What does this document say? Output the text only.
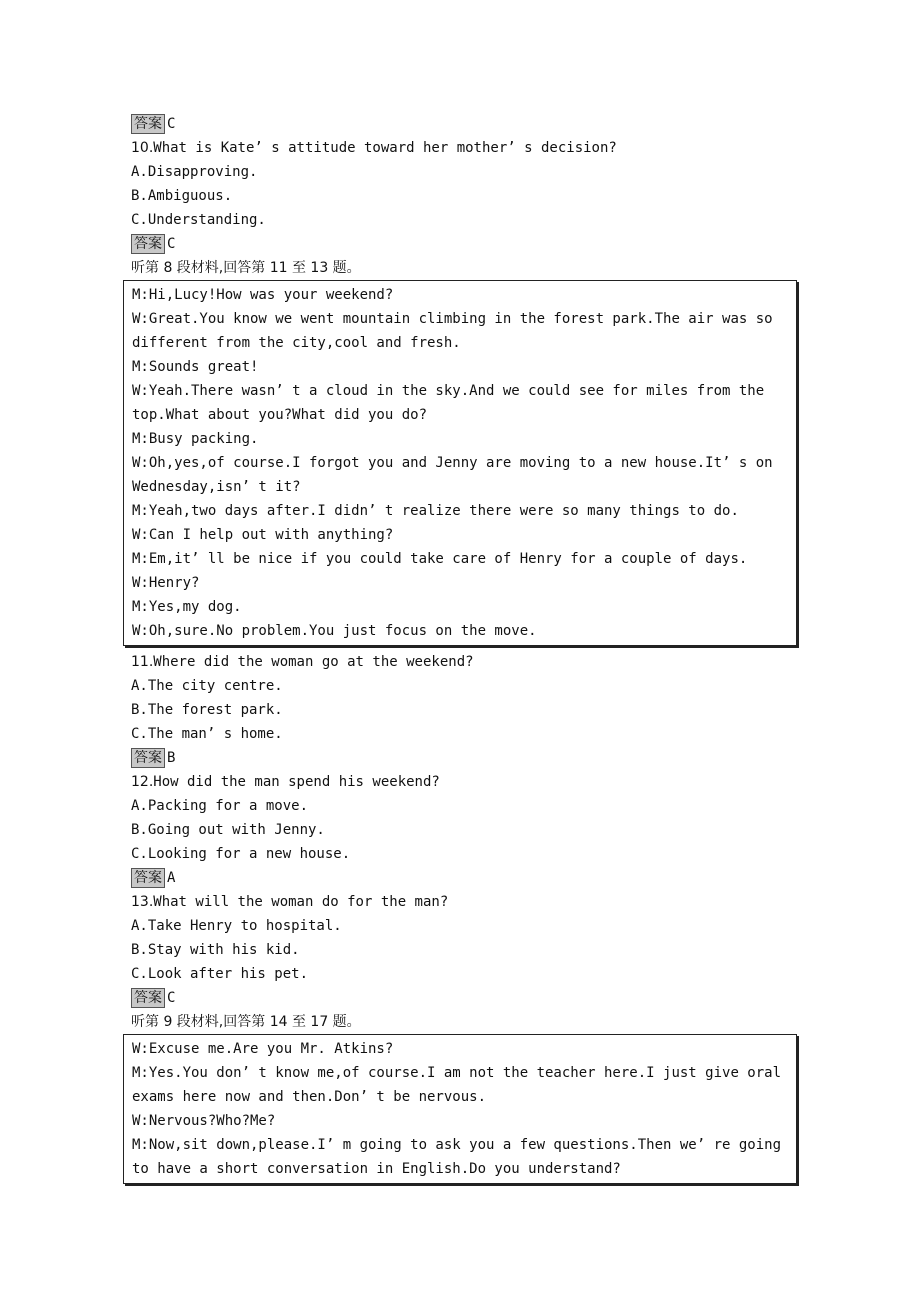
答案 C
10.What is Kate’ s attitude toward her mother’ s decision?
A.Disapproving.
B.Ambiguous.
C.Understanding.
答案 C
听第 8 段材料,回答第 11 至 13 题。
M:Hi,Lucy!How was your weekend?
W:Great.You know we went mountain climbing in the forest park.The air was so different from the city,cool and fresh.
M:Sounds great!
W:Yeah.There wasn’ t a cloud in the sky.And we could see for miles from the top.What about you?What did you do?
M:Busy packing.
W:Oh,yes,of course.I forgot you and Jenny are moving to a new house.It’ s on Wednesday,isn’ t it?
M:Yeah,two days after.I didn’ t realize there were so many things to do.
W:Can I help out with anything?
M:Em,it’ ll be nice if you could take care of Henry for a couple of days.
W:Henry?
M:Yes,my dog.
W:Oh,sure.No problem.You just focus on the move.
11.Where did the woman go at the weekend?
A.The city centre.
B.The forest park.
C.The man’ s home.
答案 B
12.How did the man spend his weekend?
A.Packing for a move.
B.Going out with Jenny.
C.Looking for a new house.
答案 A
13.What will the woman do for the man?
A.Take Henry to hospital.
B.Stay with his kid.
C.Look after his pet.
答案 C
听第 9 段材料,回答第 14 至 17 题。
W:Excuse me.Are you Mr. Atkins?
M:Yes.You don’ t know me,of course.I am not the teacher here.I just give oral exams here now and then.Don’ t be nervous.
W:Nervous?Who?Me?
M:Now,sit down,please.I’ m going to ask you a few questions.Then we’ re going to have a short conversation in English.Do you understand?
